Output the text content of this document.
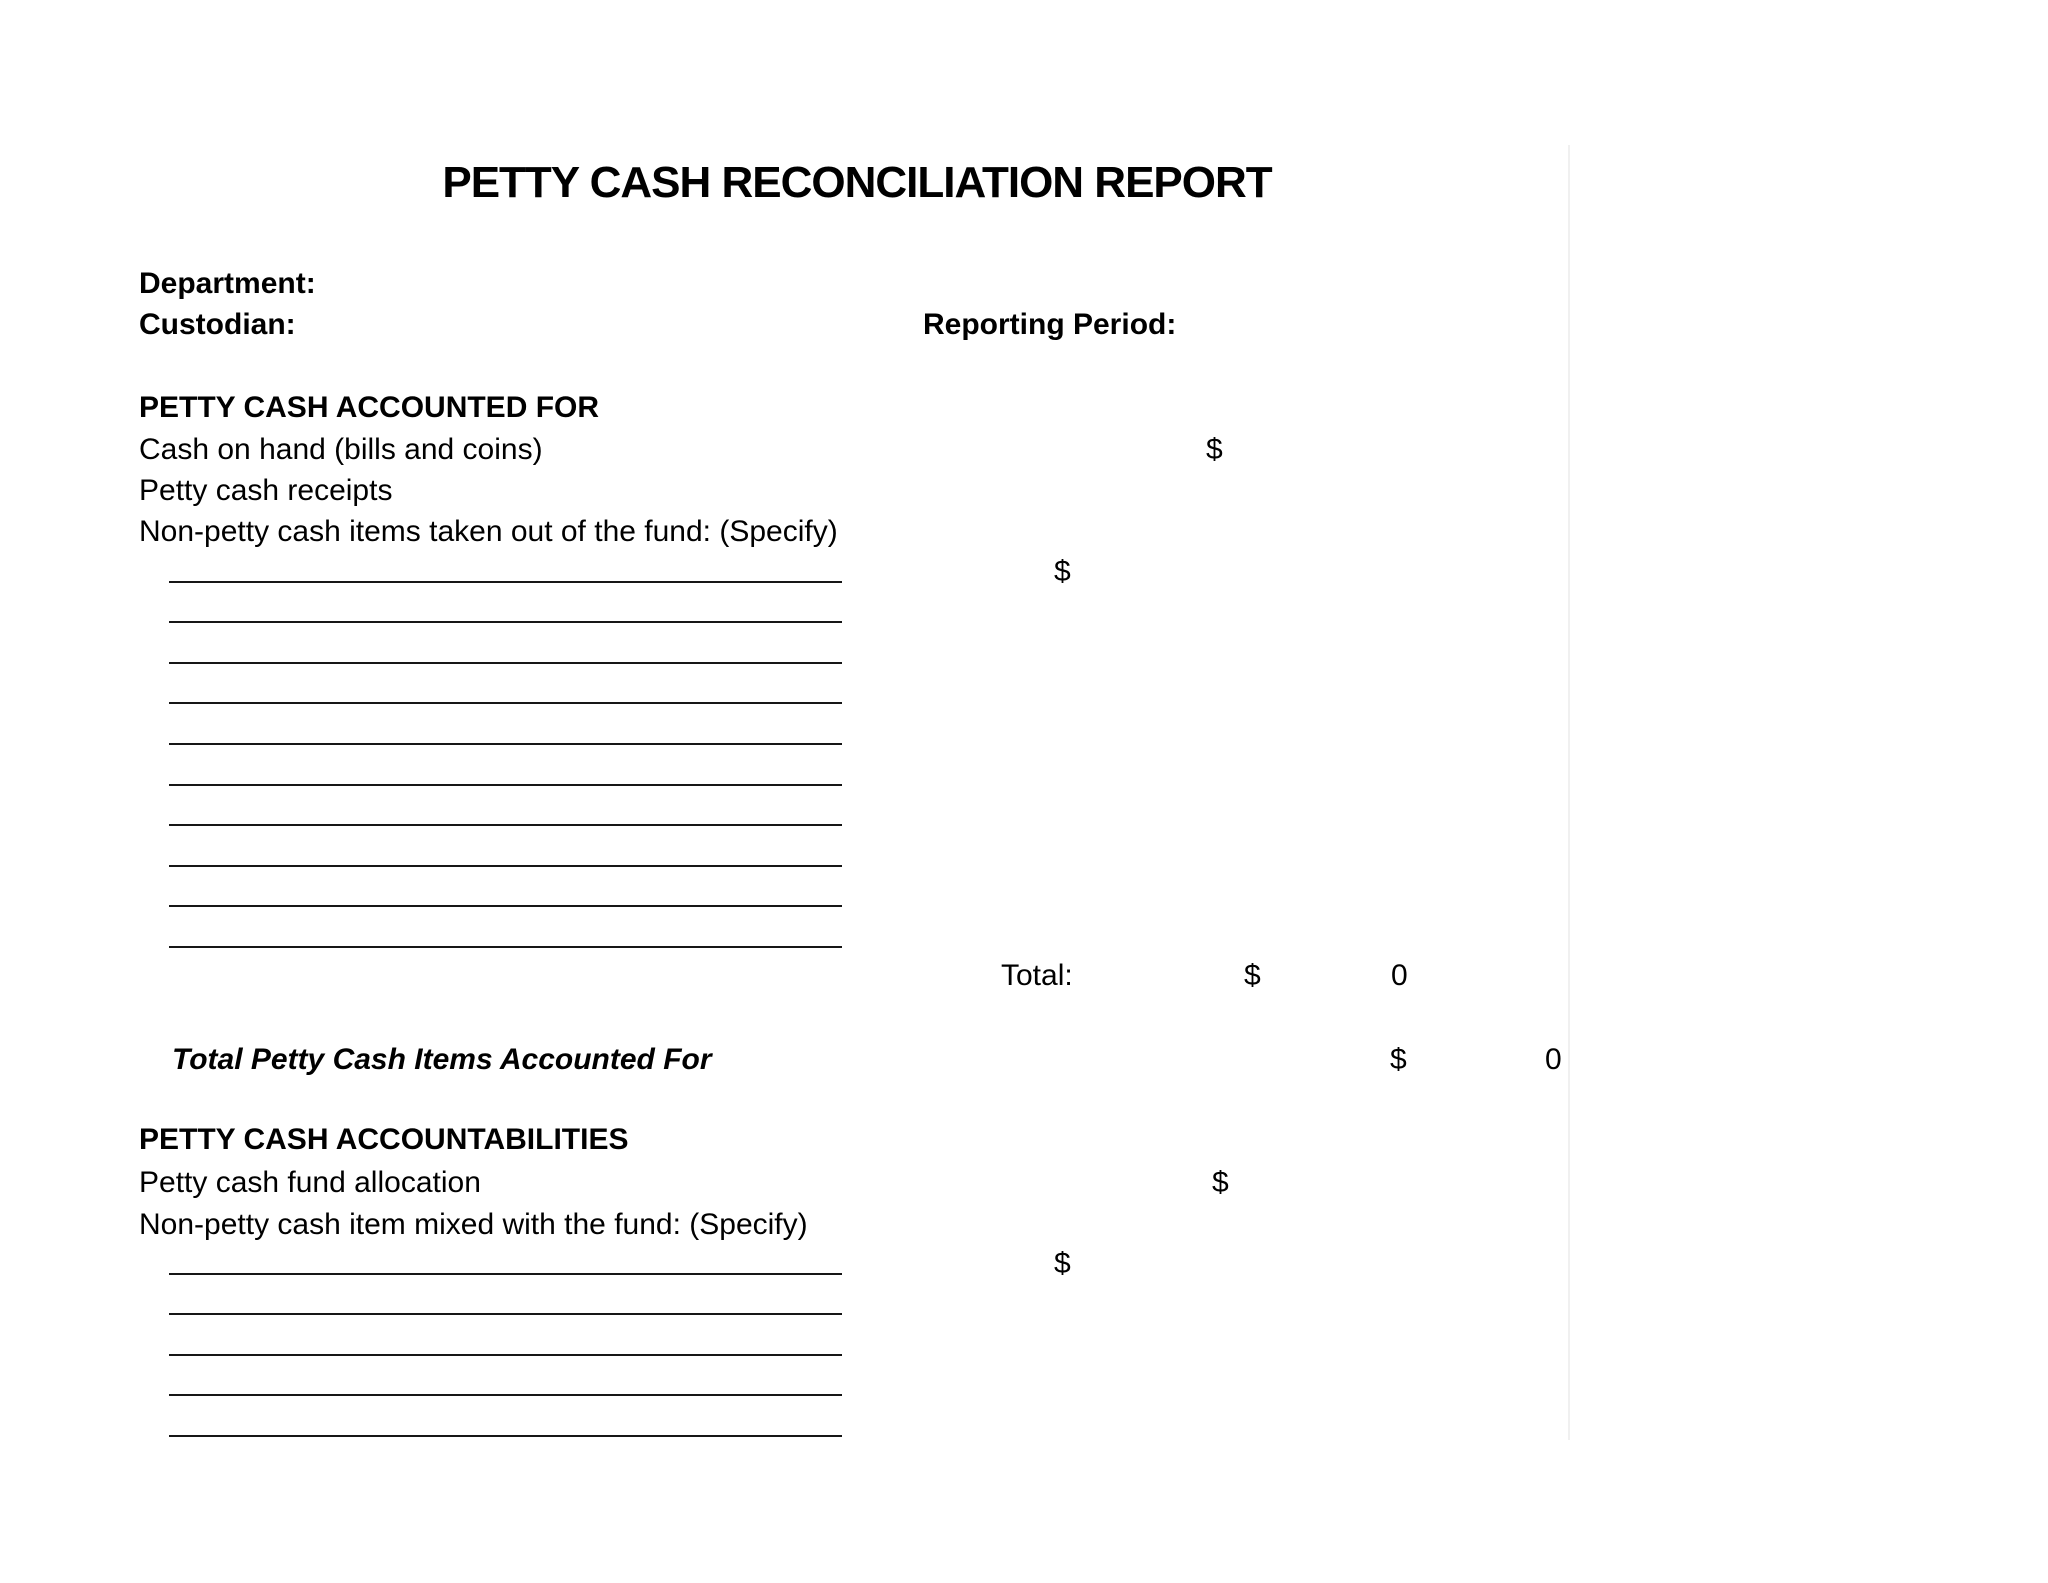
PETTY CASH RECONCILIATION REPORT
Department:
Custodian:	Reporting Period:
PETTY CASH ACCOUNTED FOR
Cash on hand (bills and coins)	$
Petty cash receipts
Non-petty cash items taken out of the fund: (Specify)
$
Total:	$	0
Total Petty Cash Items Accounted For	$	0
PETTY CASH ACCOUNTABILITIES
Petty cash fund allocation	$
Non-petty cash item mixed with the fund: (Specify)
$
